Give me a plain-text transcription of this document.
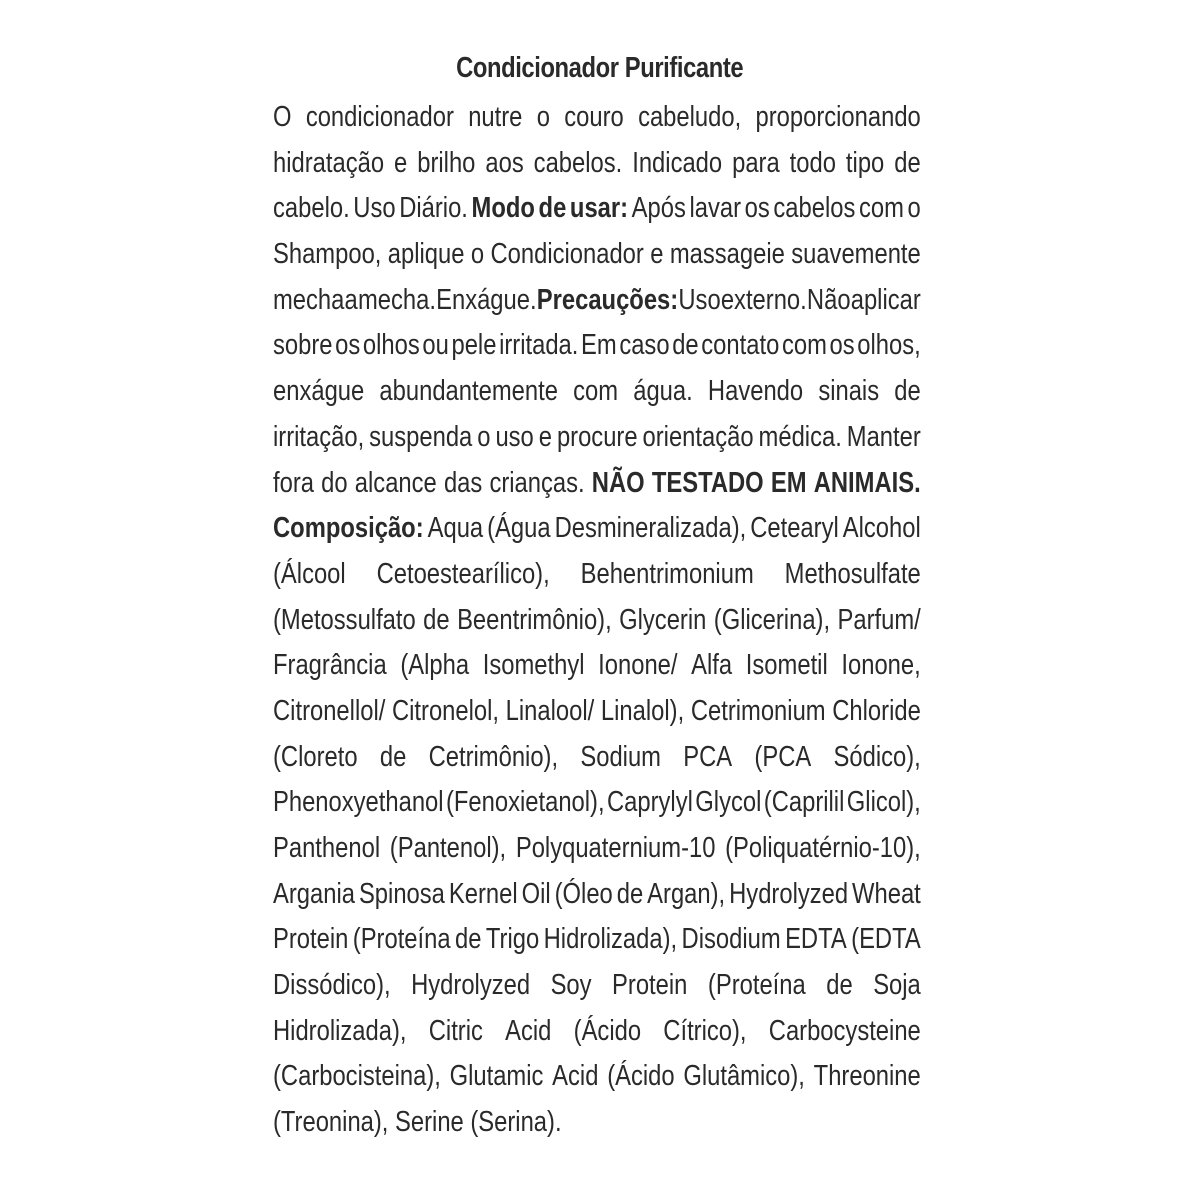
Condicionador Purificante
O condicionador nutre o couro cabeludo, proporcionando
hidratação e brilho aos cabelos. Indicado para todo tipo de
cabelo. Uso Diário. Modo de usar: Após lavar os cabelos com o
Shampoo, aplique o Condicionador e massageie suavemente
mecha a mecha. Enxágue. Precauções: Uso externo. Não aplicar
sobre os olhos ou pele irritada. Em caso de contato com os olhos,
enxágue abundantemente com água. Havendo sinais de
irritação, suspenda o uso e procure orientação médica. Manter
fora do alcance das crianças. NÃO TESTADO EM ANIMAIS.
Composição: Aqua (Água Desmineralizada), Cetearyl Alcohol
(Álcool Cetoestearílico), Behentrimonium Methosulfate
(Metossulfato de Beentrimônio), Glycerin (Glicerina), Parfum/
Fragrância (Alpha Isomethyl Ionone/ Alfa Isometil Ionone,
Citronellol/ Citronelol, Linalool/ Linalol), Cetrimonium Chloride
(Cloreto de Cetrimônio), Sodium PCA (PCA Sódico),
Phenoxyethanol (Fenoxietanol), Caprylyl Glycol (Caprilil Glicol),
Panthenol (Pantenol), Polyquaternium-10 (Poliquatérnio-10),
Argania Spinosa Kernel Oil (Óleo de Argan), Hydrolyzed Wheat
Protein (Proteína de Trigo Hidrolizada), Disodium EDTA (EDTA
Dissódico), Hydrolyzed Soy Protein (Proteína de Soja
Hidrolizada), Citric Acid (Ácido Cítrico), Carbocysteine
(Carbocisteina), Glutamic Acid (Ácido Glutâmico), Threonine
(Treonina), Serine (Serina).
